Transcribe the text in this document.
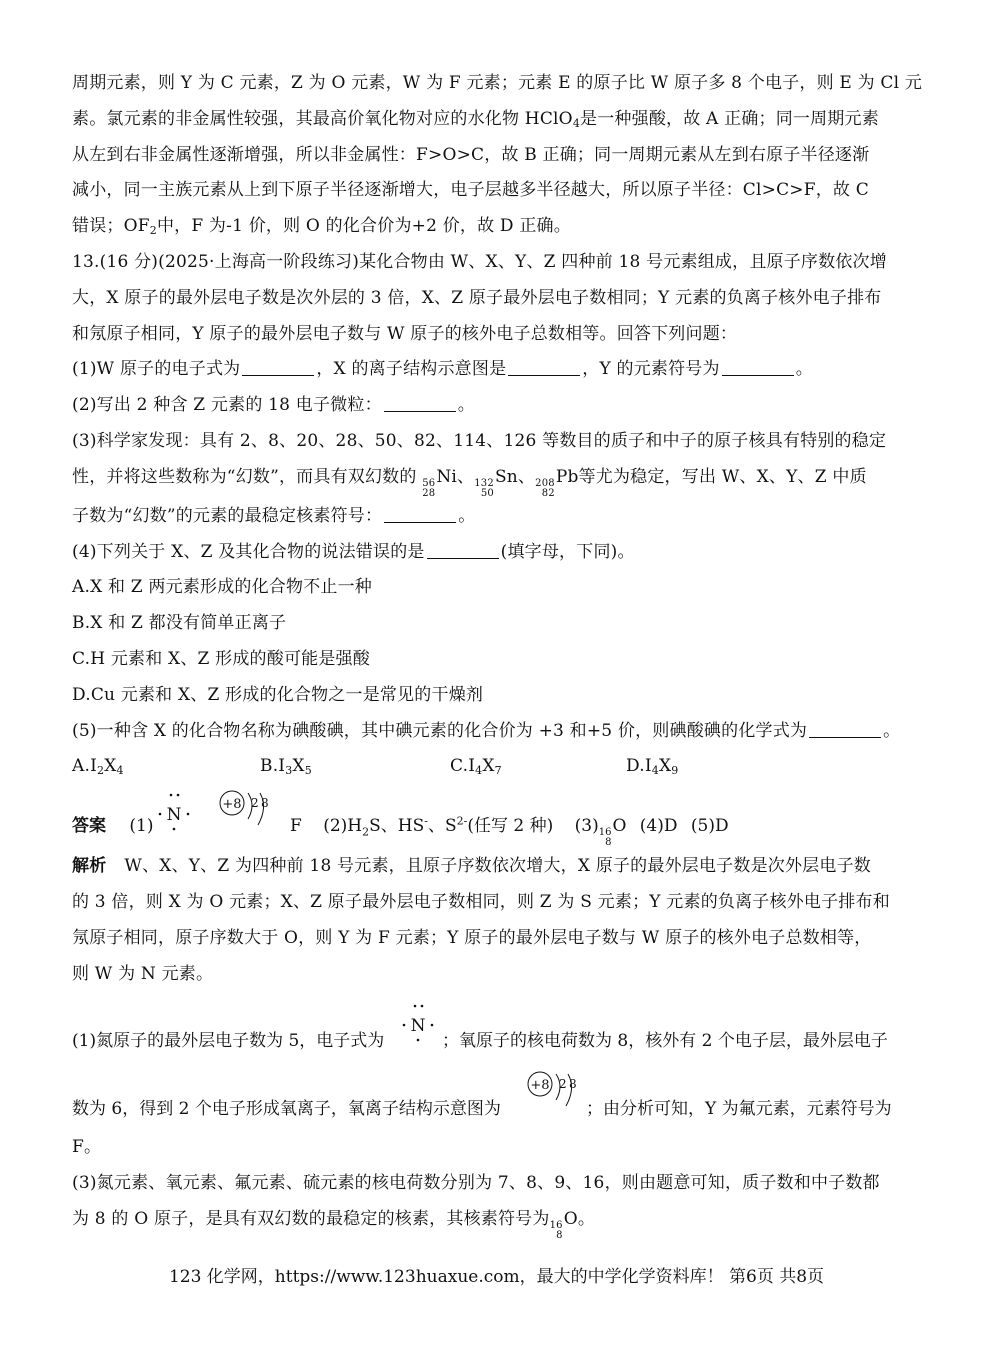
周期元素，则 Y 为 C 元素，Z 为 O 元素，W 为 F 元素；元素 E 的原子比 W 原子多 8 个电子，则 E 为 Cl 元
素。氯元素的非金属性较强，其最高价氧化物对应的水化物 HClO$_4$是一种强酸，故 A 正确；同一周期元素
从左到右非金属性逐渐增强，所以非金属性：F>O>C，故 B 正确；同一周期元素从左到右原子半径逐渐
减小，同一主族元素从上到下原子半径逐渐增大，电子层越多半径越大，所以原子半径：Cl>C>F，故 C
错误；$OF_2$中，F 为-1 价，则 O 的化合价为+2 价，故 D 正确。
13.(16 分)(2025·上海高一阶段练习)某化合物由 W、X、Y、Z 四种前 18 号元素组成，且原子序数依次增
大，X 原子的最外层电子数是次外层的 3 倍，X、Z 原子最外层电子数相同；Y 元素的负离子核外电子排布
和氖原子相同，Y 原子的最外层电子数与 W 原子的核外电子总数相等。回答下列问题：
(1)W 原子的电子式为	，X 的离子结构示意图是	，Y 的元素符号为	。
(2)写出 2 种含 Z 元素的 18 电子微粒：	。
(3)科学家发现：具有 2、8、20、28、50、82、114、126 等数目的质子和中子的原子核具有特别的稳定
性，并将这些数称为“幻数”，而具有双幻数的 56
28
Ni、 132
50
Sn、 208
82
Pb等尤为稳定，写出 W、X、Y、Z 中质
子数为“幻数”的元素的最稳定核素符号：	。
(4)下列关于 X、Z 及其化合物的说法错误的是	(填字母，下同)。
A.X 和 Z 两元素形成的化合物不止一种
B.X 和 Z 都没有简单正离子
C.H 元素和 X、Z 形成的酸可能是强酸
D.Cu 元素和 X、Z 形成的化合物之一是常见的干燥剂
(5)一种含 X 的化合物名称为碘酸碘，其中碘元素的化合价为 +3 和+5 价，则碘酸碘的化学式为	。
$A.I_2X_4$	$B.I_3X_5$	$C.I_4X_7$	$D.I_4X_9$
答案 (1)
N
+8 2 8
F $(2)H_2S$、HS-、$S^{2-}$(任写 2 种) (3) 16
8
O (4)D (5)D
解析 W、X、Y、Z 为四种前 18 号元素，且原子序数依次增大，X 原子的最外层电子数是次外层电子数
的 3 倍，则 X 为 O 元素；X、Z 原子最外层电子数相同，则 Z 为 S 元素；Y 元素的负离子核外电子排布和
氖原子相同，原子序数大于 O，则 Y 为 F 元素；Y 原子的最外层电子数与 W 原子的核外电子总数相等，
则 W 为 N 元素。
(1)氮原子的最外层电子数为 5，电子式为
N
；氧原子的核电荷数为 8，核外有 2 个电子层，最外层电子
数为 6，得到 2 个电子形成氧离子，氧离子结构示意图为
+8 2 8
；由分析可知，Y 为氟元素，元素符号为
F。
(3)氮元素、氧元素、氟元素、硫元素的核电荷数分别为 7、8、9、16，则由题意可知，质子数和中子数都
为 8 的 O 原子，是具有双幻数的最稳定的核素，其核素符号为 16
8
O。
123 化学网，https://www.123huaxue.com，最大的中学化学资料库！ 第6页 共8页
